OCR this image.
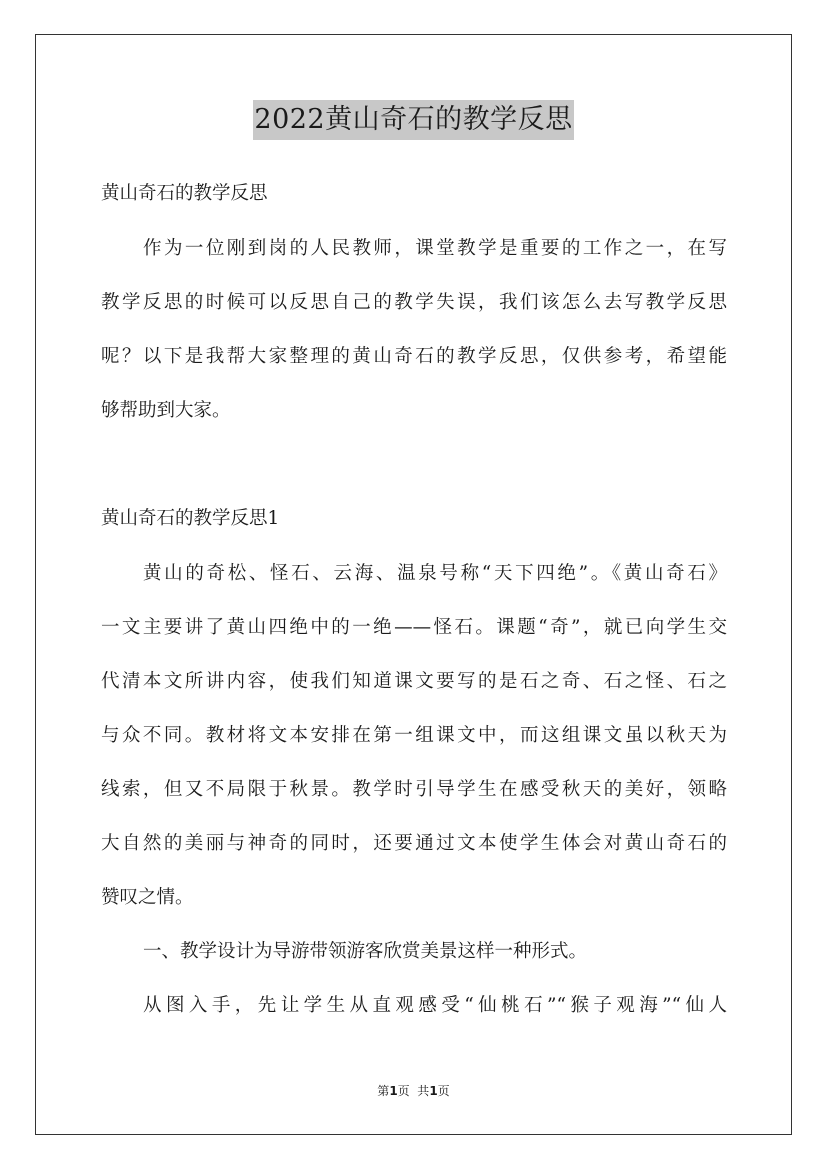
2022黄山奇石的教学反思
黄山奇石的教学反思
作为一位刚到岗的人民教师，课堂教学是重要的工作之一，在写
教学反思的时候可以反思自己的教学失误，我们该怎么去写教学反思
呢？以下是我帮大家整理的黄山奇石的教学反思，仅供参考，希望能
够帮助到大家。
黄山奇石的教学反思1
黄山的奇松、怪石、云海、温泉号称“天下四绝”。《黄山奇石》
一文主要讲了黄山四绝中的一绝——怪石。课题“奇”，就已向学生交
代清本文所讲内容，使我们知道课文要写的是石之奇、石之怪、石之
与众不同。教材将文本安排在第一组课文中，而这组课文虽以秋天为
线索，但又不局限于秋景。教学时引导学生在感受秋天的美好，领略
大自然的美丽与神奇的同时，还要通过文本使学生体会对黄山奇石的
赞叹之情。
一、教学设计为导游带领游客欣赏美景这样一种形式。
从图入手，先让学生从直观感受“仙桃石”“猴子观海”“仙人
第1页  共1页
